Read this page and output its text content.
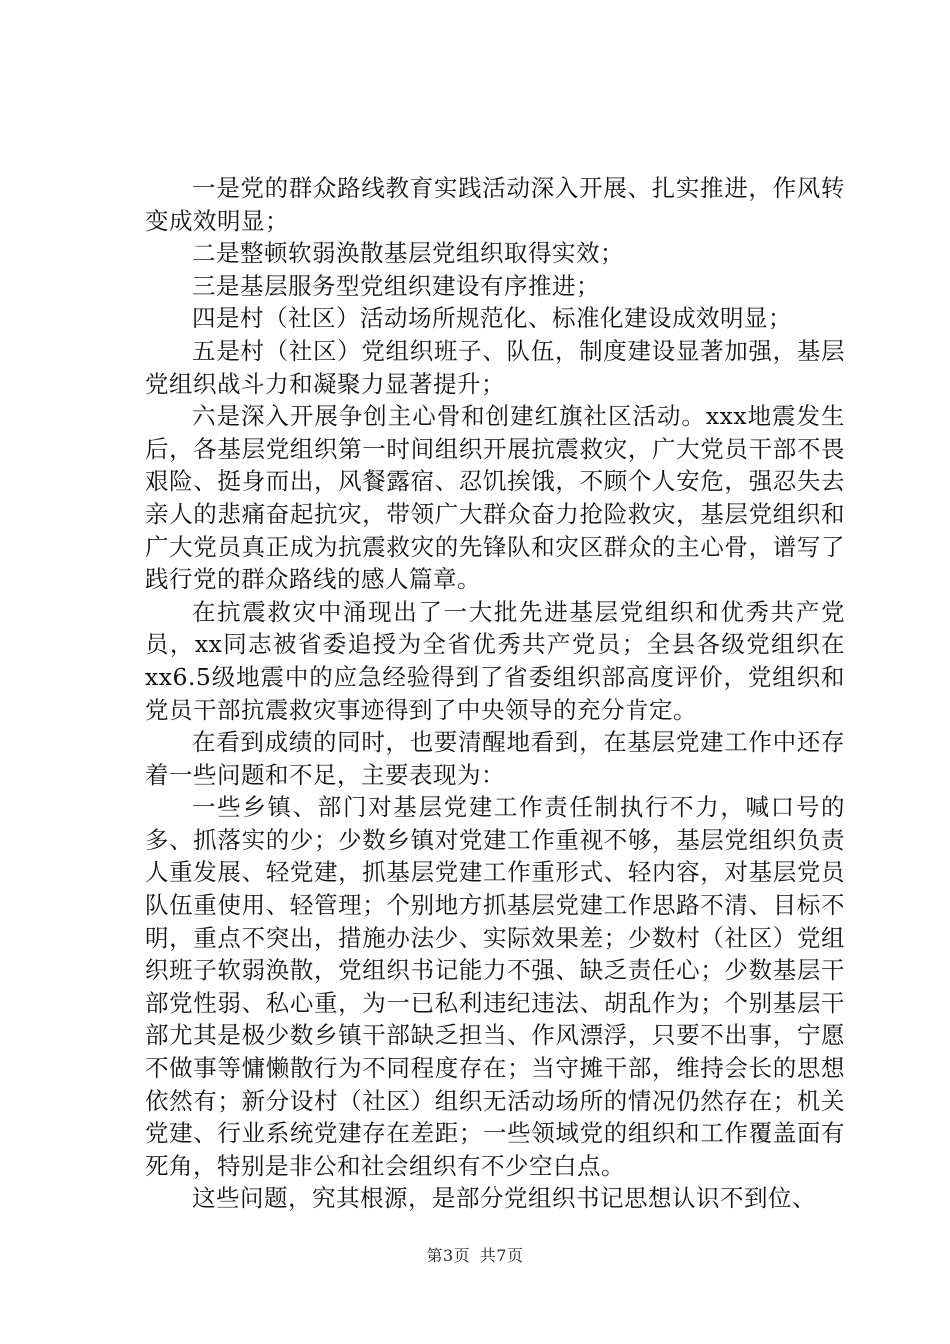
一是党的群众路线教育实践活动深入开展、扎实推进，作风转变成效明显；

二是整顿软弱涣散基层党组织取得实效；

三是基层服务型党组织建设有序推进；

四是村（社区）活动场所规范化、标准化建设成效明显；

五是村（社区）党组织班子、队伍，制度建设显著加强，基层党组织战斗力和凝聚力显著提升；

六是深入开展争创主心骨和创建红旗社区活动。xxx地震发生后，各基层党组织第一时间组织开展抗震救灾，广大党员干部不畏艰险、挺身而出，风餐露宿、忍饥挨饿，不顾个人安危，强忍失去亲人的悲痛奋起抗灾，带领广大群众奋力抢险救灾，基层党组织和广大党员真正成为抗震救灾的先锋队和灾区群众的主心骨，谱写了践行党的群众路线的感人篇章。

在抗震救灾中涌现出了一大批先进基层党组织和优秀共产党员，xx同志被省委追授为全省优秀共产党员；全县各级党组织在xx6.5级地震中的应急经验得到了省委组织部高度评价，党组织和党员干部抗震救灾事迹得到了中央领导的充分肯定。

在看到成绩的同时，也要清醒地看到，在基层党建工作中还存着一些问题和不足，主要表现为：

一些乡镇、部门对基层党建工作责任制执行不力，喊口号的多、抓落实的少；少数乡镇对党建工作重视不够，基层党组织负责人重发展、轻党建，抓基层党建工作重形式、轻内容，对基层党员队伍重使用、轻管理；个别地方抓基层党建工作思路不清、目标不明，重点不突出，措施办法少、实际效果差；少数村（社区）党组织班子软弱涣散，党组织书记能力不强、缺乏责任心；少数基层干部党性弱、私心重，为一已私利违纪违法、胡乱作为；个别基层干部尤其是极少数乡镇干部缺乏担当、作风漂浮，只要不出事，宁愿不做事等慵懒散行为不同程度存在；当守摊干部，维持会长的思想依然有；新分设村（社区）组织无活动场所的情况仍然存在；机关党建、行业系统党建存在差距；一些领域党的组织和工作覆盖面有死角，特别是非公和社会组织有不少空白点。

这些问题，究其根源，是部分党组织书记思想认识不到位、

第3页 共7页
